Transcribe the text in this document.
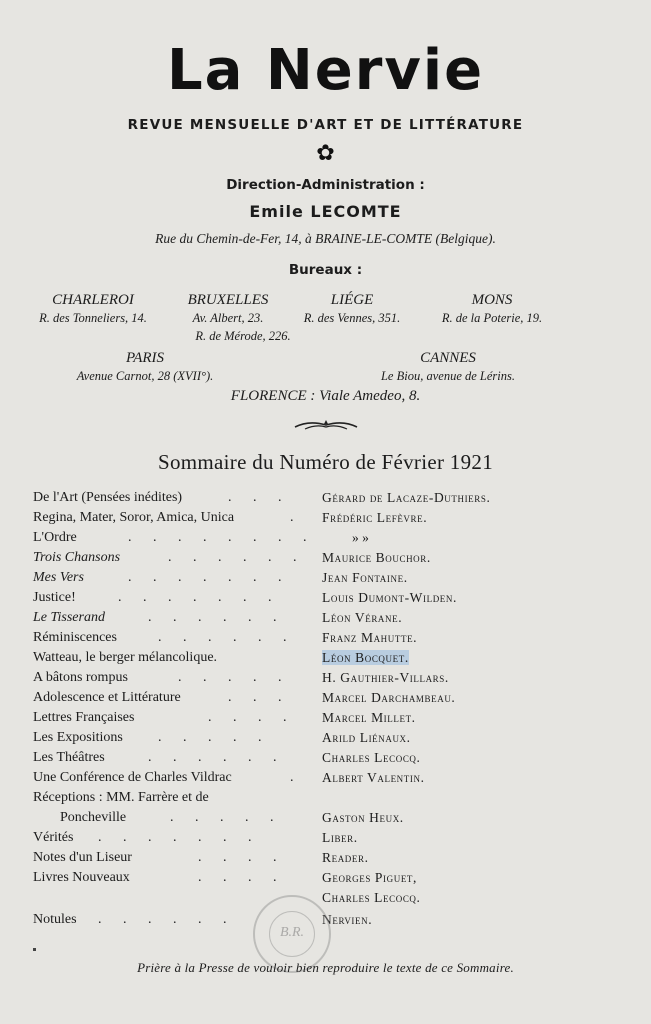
La Nervie
REVUE MENSUELLE D'ART ET DE LITTÉRATURE
✿
Direction-Administration :
Emile LECOMTE
Rue du Chemin-de-Fer, 14, à BRAINE-LE-COMTE (Belgique).
Bureaux :
CHARLEROI
R. des Tonneliers, 14.
BRUXELLES
Av. Albert, 23.
R. de Mérode, 226.
LIÉGE
R. des Vennes, 351.
MONS
R. de la Poterie, 19.
PARIS
Avenue Carnot, 28 (XVII°).
CANNES
Le Biou, avenue de Lérins.
FLORENCE : Viale Amedeo, 8.
Sommaire du Numéro de Février 1921
De l'Art (Pensées inédites)	. . . Gérard de Lacaze-Duthiers.
Regina, Mater, Soror, Amica, Unica	. Frédéric Lefèvre.
L'Ordre	. . . . . . . .	» »
Trois Chansons	. . . . . . Maurice Bouchor.
Mes Vers	. . . . . . . Jean Fontaine.
Justice!	. . . . . . .	Louis Dumont-Wilden.
Le Tisserand	. . . . . .	Léon Vérane.
Réminiscences	. . . . . . Franz Mahutte.
Watteau, le berger mélancolique.	Léon Bocquet.
A bâtons rompus	. . . . . H. Gauthier-Villars.
Adolescence et Littérature	. . . Marcel Darchambeau.
Lettres Françaises	. . . . Marcel Millet.
Les Expositions	. . . . .	Arild Liénaux.
Les Théâtres	. . . . . .	Charles Lecocq.
Une Conférence de Charles Vildrac	. Albert Valentin.
Réceptions : MM. Farrère et de
Poncheville	. . . . .	Gaston Heux.
Vérités . . . . . . .	Liber.
Notes d'un Liseur	. . . .	Reader.
Livres Nouveaux	. . . .	Georges Piguet,
Charles Lecocq.
Notules . . . . . .	Nervien.
B.R.
Prière à la Presse de vouloir bien reproduire le texte de ce Sommaire.
